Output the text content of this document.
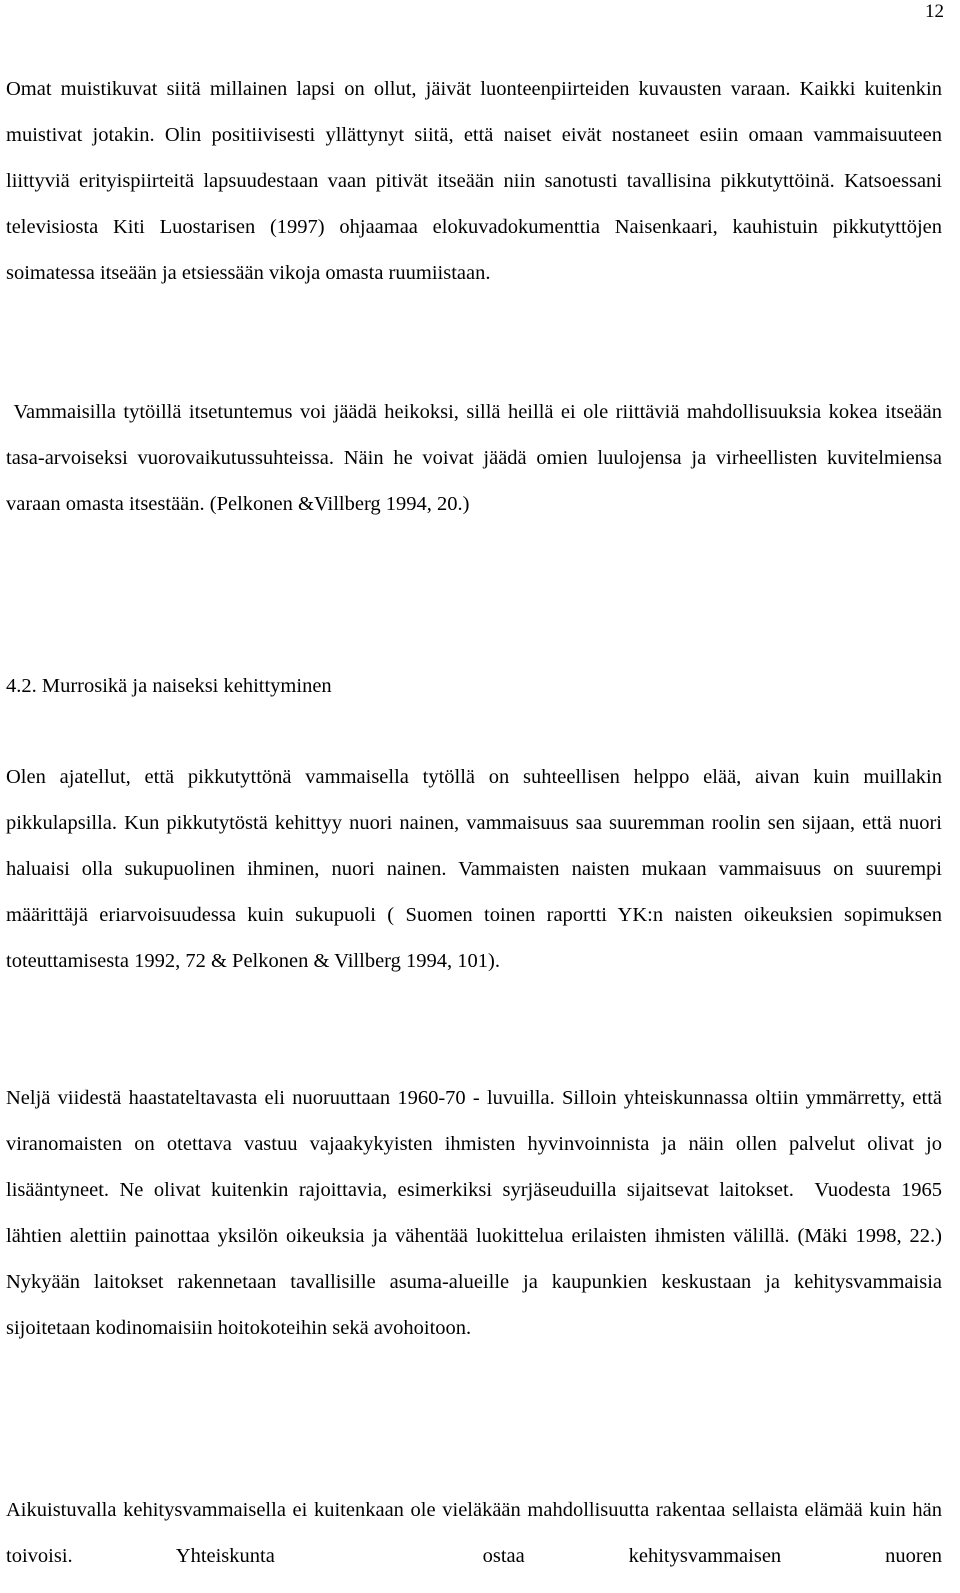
12

Omat muistikuvat siitä millainen lapsi on ollut, jäivät luonteenpiirteiden kuvausten varaan. Kaikki kuitenkin muistivat jotakin. Olin positiivisesti yllättynyt siitä, että naiset eivät nostaneet esiin omaan vammaisuuteen liittyviä erityispiirteitä lapsuudestaan vaan pitivät itseään niin sanotusti tavallisina pikkutyttöinä. Katsoessani televisiosta Kiti Luostarisen (1997) ohjaamaa elokuvadokumenttia Naisenkaari, kauhistuin pikkutyttöjen soimatessa itseään ja etsiessään vikoja omasta ruumiistaan.

Vammaisilla tytöillä itsetuntemus voi jäädä heikoksi, sillä heillä ei ole riittäviä mahdollisuuksia kokea itseään tasa-arvoiseksi vuorovaikutussuhteissa. Näin he voivat jäädä omien luulojensa ja virheellisten kuvitelmiensa varaan omasta itsestään. (Pelkonen &Villberg 1994, 20.)

4.2. Murrosikä ja naiseksi kehittyminen

Olen ajatellut, että pikkutyttönä vammaisella tytöllä on suhteellisen helppo elää, aivan kuin muillakin pikkulapsilla. Kun pikkutytöstä kehittyy nuori nainen, vammaisuus saa suuremman roolin sen sijaan, että nuori haluaisi olla sukupuolinen ihminen, nuori nainen. Vammaisten naisten mukaan vammaisuus on suurempi määrittäjä eriarvoisuudessa kuin sukupuoli ( Suomen toinen raportti YK:n naisten oikeuksien sopimuksen toteuttamisesta 1992, 72 & Pelkonen & Villberg 1994, 101).

Neljä viidestä haastateltavasta eli nuoruuttaan 1960-70 - luvuilla. Silloin yhteiskunnassa oltiin ymmärretty, että viranomaisten on otettava vastuu vajaakykyisten ihmisten hyvinvoinnista ja näin ollen palvelut olivat jo lisääntyneet. Ne olivat kuitenkin rajoittavia, esimerkiksi syrjäseuduilla sijaitsevat laitokset.  Vuodesta 1965 lähtien alettiin painottaa yksilön oikeuksia ja vähentää luokittelua erilaisten ihmisten välillä. (Mäki 1998, 22.) Nykyään laitokset rakennetaan tavallisille asuma-alueille ja kaupunkien keskustaan ja kehitysvammaisia sijoitetaan kodinomaisiin hoitokoteihin sekä avohoitoon.

Aikuistuvalla kehitysvammaisella ei kuitenkaan ole vieläkään mahdollisuutta rakentaa sellaista elämää kuin hän toivoisi. Yhteiskunta  ostaa kehitysvammaisen nuoren
